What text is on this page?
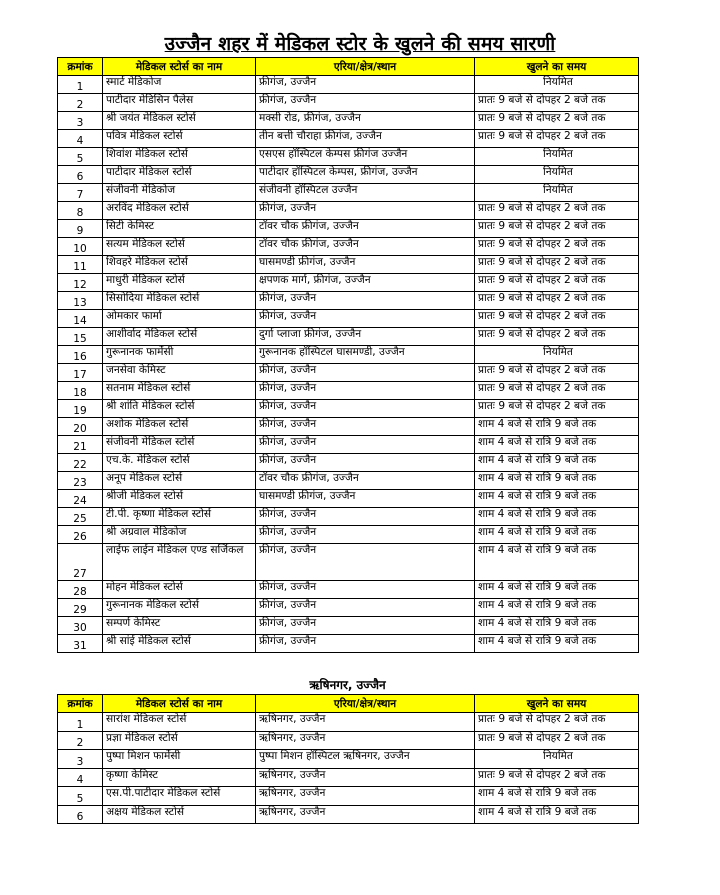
उज्जैन शहर में मेडिकल स्टोर के खुलने की समय सारणी
क्रमांक	मेडिकल स्टोर्स का नाम	एरिया/क्षेत्र/स्थान	खुलने का समय
1	स्मार्ट मेडिकोज	फ्रीगंज, उज्जैन	नियमित
2	पाटीदार मेडिसिन पैलेस	फ्रीगंज, उज्जैन	प्रातः 9 बजे से दोपहर 2 बजे तक
3	श्री जयंत मेडिकल स्टोर्स	मक्सी रोड, फ्रीगंज, उज्जैन	प्रातः 9 बजे से दोपहर 2 बजे तक
4	पवित्र मेडिकल स्टोर्स	तीन बत्ती चौराहा फ्रीगंज, उज्जैन	प्रातः 9 बजे से दोपहर 2 बजे तक
5	शिवांश मेडिकल स्टोर्स	एसएस हॉस्पिटल केम्पस फ्रीगंज उज्जैन	नियमित
6	पाटीदार मेडिकल स्टोर्स	पाटीदार हॉस्पिटल केम्पस, फ्रीगंज, उज्जैन	नियमित
7	संजीवनी मेडिकोज	संजीवनी हॉस्पिटल उज्जैन	नियमित
8	अरविंद मेडिकल स्टोर्स	फ्रीगंज, उज्जैन	प्रातः 9 बजे से दोपहर 2 बजे तक
9	सिटी केमिस्ट	टॉवर चौक फ्रीगंज, उज्जैन	प्रातः 9 बजे से दोपहर 2 बजे तक
10	सत्यम मेडिकल स्टोर्स	टॉवर चौक फ्रीगंज, उज्जैन	प्रातः 9 बजे से दोपहर 2 बजे तक
11	शिवहरे मेडिकल स्टोर्स	घासमण्डी फ्रीगंज, उज्जैन	प्रातः 9 बजे से दोपहर 2 बजे तक
12	माधुरी मेडिकल स्टोर्स	क्षपणक मार्ग, फ्रीगंज, उज्जैन	प्रातः 9 बजे से दोपहर 2 बजे तक
13	सिसोदिया मेडिकल स्टोर्स	फ्रीगंज, उज्जैन	प्रातः 9 बजे से दोपहर 2 बजे तक
14	ओमकार फार्मा	फ्रीगंज, उज्जैन	प्रातः 9 बजे से दोपहर 2 बजे तक
15	आशीर्वाद मेडिकल स्टोर्स	दुर्गा प्लाजा फ्रीगंज, उज्जैन	प्रातः 9 बजे से दोपहर 2 बजे तक
16	गुरूनानक फार्मेसी	गुरूनानक हॉस्पिटल घासमण्डी, उज्जैन	नियमित
17	जनसेवा केमिस्ट	फ्रीगंज, उज्जैन	प्रातः 9 बजे से दोपहर 2 बजे तक
18	सतनाम मेडिकल स्टोर्स	फ्रीगंज, उज्जैन	प्रातः 9 बजे से दोपहर 2 बजे तक
19	श्री शांति मेडिकल स्टोर्स	फ्रीगंज, उज्जैन	प्रातः 9 बजे से दोपहर 2 बजे तक
20	अशोक मेडिकल स्टोर्स	फ्रीगंज, उज्जैन	शाम 4 बजे से रात्रि 9 बजे तक
21	संजीवनी मेडिकल स्टोर्स	फ्रीगंज, उज्जैन	शाम 4 बजे से रात्रि 9 बजे तक
22	एच.के. मेडिकल स्टोर्स	फ्रीगंज, उज्जैन	शाम 4 बजे से रात्रि 9 बजे तक
23	अनूप मेडिकल स्टोर्स	टॉवर चौक फ्रीगंज, उज्जैन	शाम 4 बजे से रात्रि 9 बजे तक
24	श्रीजी मेडिकल स्टोर्स	घासमण्डी फ्रीगंज, उज्जैन	शाम 4 बजे से रात्रि 9 बजे तक
25	टी.पी. कृष्णा मेडिकल स्टोर्स	फ्रीगंज, उज्जैन	शाम 4 बजे से रात्रि 9 बजे तक
26	श्री अग्रवाल मेडिकोज	फ्रीगंज, उज्जैन	शाम 4 बजे से रात्रि 9 बजे तक
27	लाईफ लाईन मेडिकल एण्ड सर्जिकल	फ्रीगंज, उज्जैन	शाम 4 बजे से रात्रि 9 बजे तक
28	मोहन मेडिकल स्टोर्स	फ्रीगंज, उज्जैन	शाम 4 बजे से रात्रि 9 बजे तक
29	गुरूनानक मेडिकल स्टोर्स	फ्रीगंज, उज्जैन	शाम 4 बजे से रात्रि 9 बजे तक
30	सम्पर्ण केमिस्ट	फ्रीगंज, उज्जैन	शाम 4 बजे से रात्रि 9 बजे तक
31	श्री सांई मेडिकल स्टोर्स	फ्रीगंज, उज्जैन	शाम 4 बजे से रात्रि 9 बजे तक
ऋषिनगर, उज्जैन
क्रमांक	मेडिकल स्टोर्स का नाम	एरिया/क्षेत्र/स्थान	खुलने का समय
1	सारांश मेडिकल स्टोर्स	ऋषिनगर, उज्जैन	प्रातः 9 बजे से दोपहर 2 बजे तक
2	प्रज्ञा मेडिकल स्टोर्स	ऋषिनगर, उज्जैन	प्रातः 9 बजे से दोपहर 2 बजे तक
3	पुष्पा मिशन फार्मेसी	पुष्पा मिशन हॉस्पिटल ऋषिनगर, उज्जैन	नियमित
4	कृष्णा केमिस्ट	ऋषिनगर, उज्जैन	प्रातः 9 बजे से दोपहर 2 बजे तक
5	एस.पी.पाटीदार मेडिकल स्टोर्स	ऋषिनगर, उज्जैन	शाम 4 बजे से रात्रि 9 बजे तक
6	अक्षय मेडिकल स्टोर्स	ऋषिनगर, उज्जैन	शाम 4 बजे से रात्रि 9 बजे तक
